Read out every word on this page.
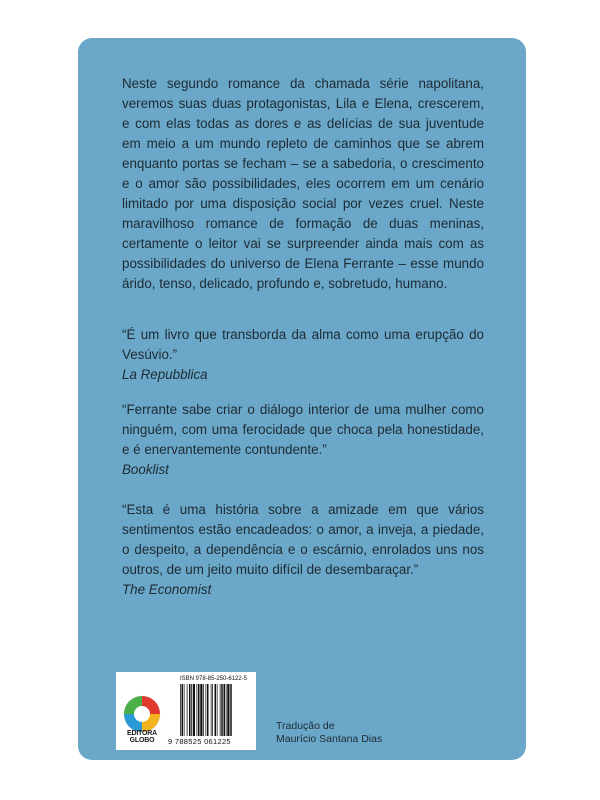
Neste segundo romance da chamada série napolitana, veremos suas duas protagonistas, Lila e Elena, crescerem, e com elas todas as dores e as delícias de sua juventude em meio a um mundo repleto de caminhos que se abrem enquanto portas se fecham – se a sabedoria, o crescimento e o amor são possibilidades, eles ocorrem em um cenário limitado por uma disposição social por vezes cruel. Neste maravilhoso romance de formação de duas meninas, certamente o leitor vai se surpreender ainda mais com as possibilidades do universo de Elena Ferrante – esse mundo árido, tenso, delicado, profundo e, sobretudo, humano.

“É um livro que transborda da alma como uma erupção do Vesúvio.”

La Repubblica

“Ferrante sabe criar o diálogo interior de uma mulher como ninguém, com uma ferocidade que choca pela honestidade, e é enervantemente contundente.”

Booklist

“Esta é uma história sobre a amizade em que vários sentimentos estão encadeados: o amor, a inveja, a piedade, o despeito, a dependência e o escárnio, enrolados uns nos outros, de um jeito muito difícil de desembaraçar.”

The Economist
EDITORA
GLOBO
ISBN 978-85-250-6122-5
9 788525 061225
Tradução de
Maurício Santana Dias
